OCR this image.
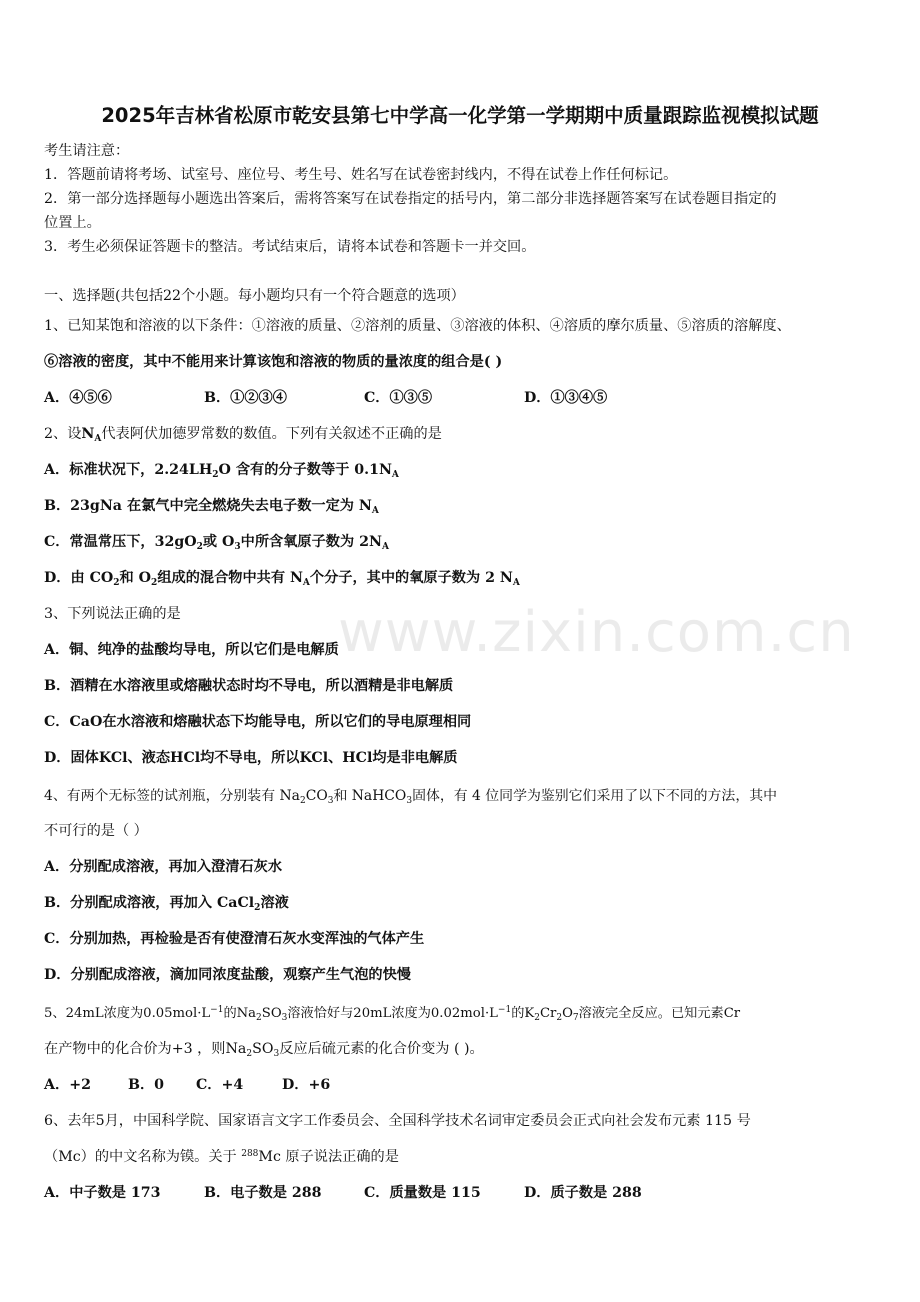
2025年吉林省松原市乾安县第七中学高一化学第一学期期中质量跟踪监视模拟试题
考生请注意：
1．答题前请将考场、试室号、座位号、考生号、姓名写在试卷密封线内，不得在试卷上作任何标记。
2．第一部分选择题每小题选出答案后，需将答案写在试卷指定的括号内，第二部分非选择题答案写在试卷题目指定的
位置上。
3．考生必须保证答题卡的整洁。考试结束后，请将本试卷和答题卡一并交回。
一、选择题(共包括22个小题。每小题均只有一个符合题意的选项）
1、已知某饱和溶液的以下条件：①溶液的质量、②溶剂的质量、③溶液的体积、④溶质的摩尔质量、⑤溶质的溶解度、
⑥溶液的密度，其中不能用来计算该饱和溶液的物质的量浓度的组合是( )
A．④⑤⑥	B．①②③④	C．①③⑤	D．①③④⑤
2、设$N_A$代表阿伏加德罗常数的数值。下列有关叙述不正确的是
A．标准状况下，$2.24LH_2O$ 含有的分子数等于 $0.1N_A$
B．23gNa 在氯气中完全燃烧失去电子数一定为 $N_A$
C．常温常压下，$32gO_2$或 $O_3$中所含氧原子数为 $2N_A$
D．由 $CO_2$和 $O_2$组成的混合物中共有 $N_A$个分子，其中的氧原子数为 2 $N_A$
3、下列说法正确的是
A．铜、纯净的盐酸均导电，所以它们是电解质
B．酒精在水溶液里或熔融状态时均不导电，所以酒精是非电解质
C．CaO在水溶液和熔融状态下均能导电，所以它们的导电原理相同
D．固体KCl、液态HCl均不导电，所以KCl、HCl均是非电解质
4、有两个无标签的试剂瓶，分别装有 $Na_2CO_3$和 NaHCO$_3$固体，有 4 位同学为鉴别它们采用了以下不同的方法，其中
不可行的是（ ）
A．分别配成溶液，再加入澄清石灰水
B．分别配成溶液，再加入 CaCl$_2$溶液
C．分别加热，再检验是否有使澄清石灰水变浑浊的气体产生
D．分别配成溶液，滴加同浓度盐酸，观察产生气泡的快慢
5、24mL浓度为$0.05mol\cdot L^{-1}$的$Na_2SO_3$溶液恰好与20mL浓度为$0.02mol\cdot L^{-1}$的$K_2Cr_2O_7$溶液完全反应。已知元素Cr
在产物中的化合价为+3 ，则$Na_2SO_3$反应后硫元素的化合价变为 ( )。
A．+2	B．0 C．+4	D．+6
6、去年5月，中国科学院、国家语言文字工作委员会、全国科学技术名词审定委员会正式向社会发布元素 115 号
（Mc）的中文名称为镆。关于 $^{288}$Mc 原子说法正确的是
A．中子数是 173	B．电子数是 288	C．质量数是 115	D．质子数是 288
www.zixin.com.cn
